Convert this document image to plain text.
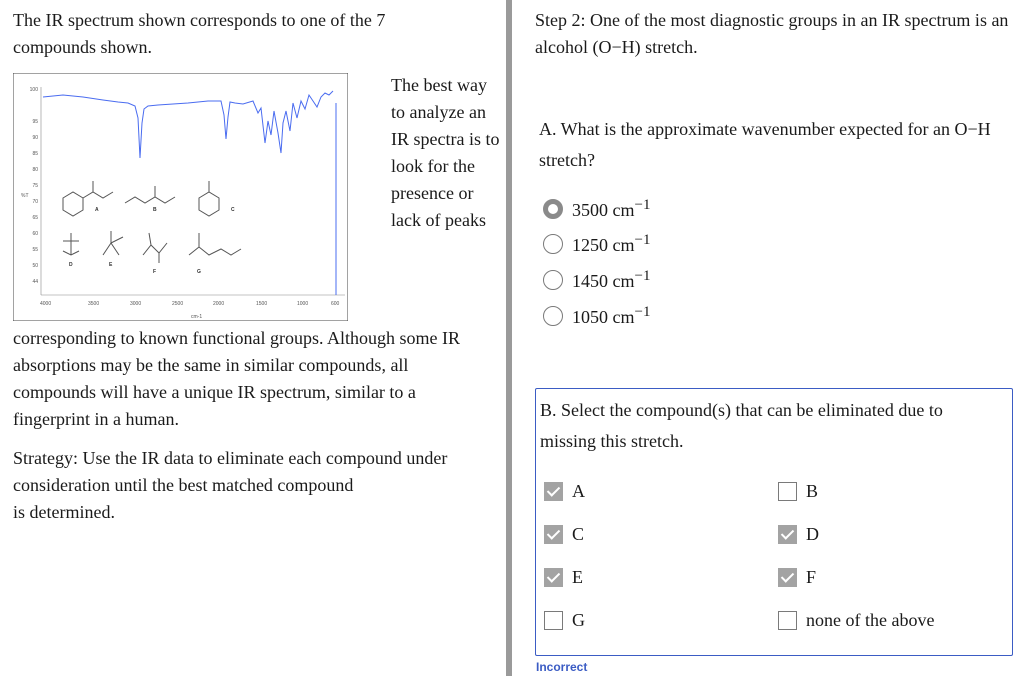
The IR spectrum shown corresponds to one of the 7 compounds shown.
100
95
90
85
80
75
70
65
60
55
50
44
4000	3500	3000	2500	2000	1500	1000	600
%T
cm-1
A	B	C
D	E
F	G
The best way to analyze an IR spectra is to look for the presence or lack of peaks
corresponding to known functional groups. Although some IR absorptions may be the same in similar compounds, all compounds will have a unique IR spectrum, similar to a fingerprint in a human.
Strategy: Use the IR data to eliminate each compound under
consideration until the best matched compound
is determined.
Step 2: One of the most diagnostic groups in an IR spectrum is an alcohol (O−H) stretch.
A. What is the approximate wavenumber expected for an O−H stretch?
3500 $cm^{-1}$
1250 $cm^{-1}$
1450 $cm^{-1}$
1050 $cm^{-1}$
B. Select the compound(s) that can be eliminated due to missing this stretch.
A	B
C	D
E	F
G	none of the above
Incorrect
